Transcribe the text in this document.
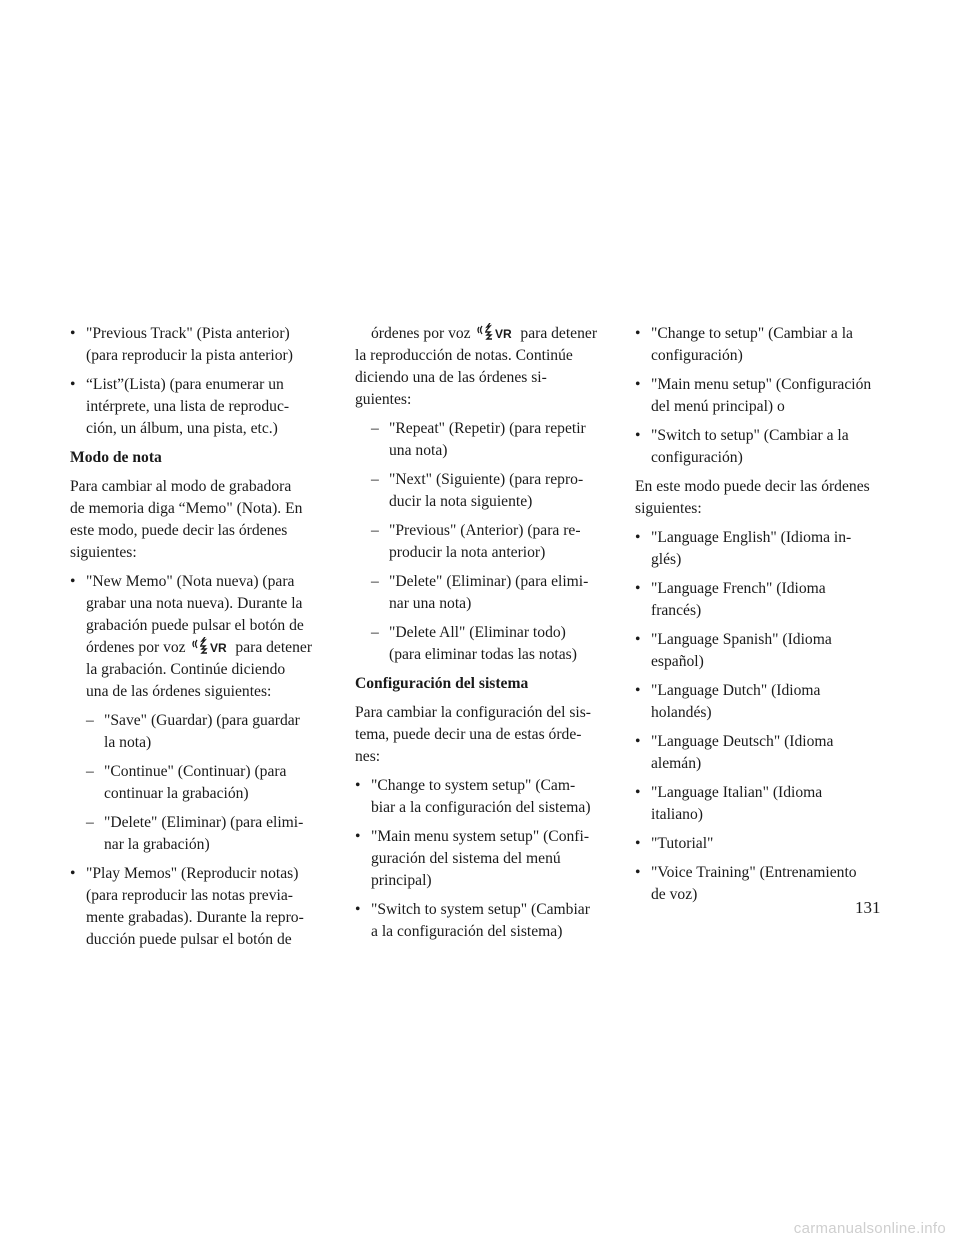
• "Previous Track" (Pista anterior)
(para reproducir la pista anterior)
• “List”(Lista) (para enumerar un
intérprete, una lista de reproduc-
ción, un álbum, una pista, etc.)
Modo de nota
Para cambiar al modo de grabadora
de memoria diga “Memo" (Nota). En
este modo, puede decir las órdenes
siguientes:
• "New Memo" (Nota nueva) (para
grabar una nota nueva). Durante la
grabación puede pulsar el botón de
órdenes por voz VR para detener
la grabación. Continúe diciendo
una de las órdenes siguientes:
– "Save" (Guardar) (para guardar
la nota)
– "Continue" (Continuar) (para
continuar la grabación)
– "Delete" (Eliminar) (para elimi-
nar la grabación)
• "Play Memos" (Reproducir notas)
(para reproducir las notas previa-
mente grabadas). Durante la repro-
ducción puede pulsar el botón de
órdenes por voz VR para detener
la reproducción de notas. Continúe
diciendo una de las órdenes si-
guientes:
– "Repeat" (Repetir) (para repetir
una nota)
– "Next" (Siguiente) (para repro-
ducir la nota siguiente)
– "Previous" (Anterior) (para re-
producir la nota anterior)
– "Delete" (Eliminar) (para elimi-
nar una nota)
– "Delete All" (Eliminar todo)
(para eliminar todas las notas)
Configuración del sistema
Para cambiar la configuración del sis-
tema, puede decir una de estas órde-
nes:
• "Change to system setup" (Cam-
biar a la configuración del sistema)
• "Main menu system setup" (Confi-
guración del sistema del menú
principal)
• "Switch to system setup" (Cambiar
a la configuración del sistema)
• "Change to setup" (Cambiar a la
configuración)
• "Main menu setup" (Configuración
del menú principal) o
• "Switch to setup" (Cambiar a la
configuración)
En este modo puede decir las órdenes
siguientes:
• "Language English" (Idioma in-
glés)
• "Language French" (Idioma
francés)
• "Language Spanish" (Idioma
español)
• "Language Dutch" (Idioma
holandés)
• "Language Deutsch" (Idioma
alemán)
• "Language Italian" (Idioma
italiano)
• "Tutorial"
• "Voice Training" (Entrenamiento
de voz)
131
carmanualsonline.info
